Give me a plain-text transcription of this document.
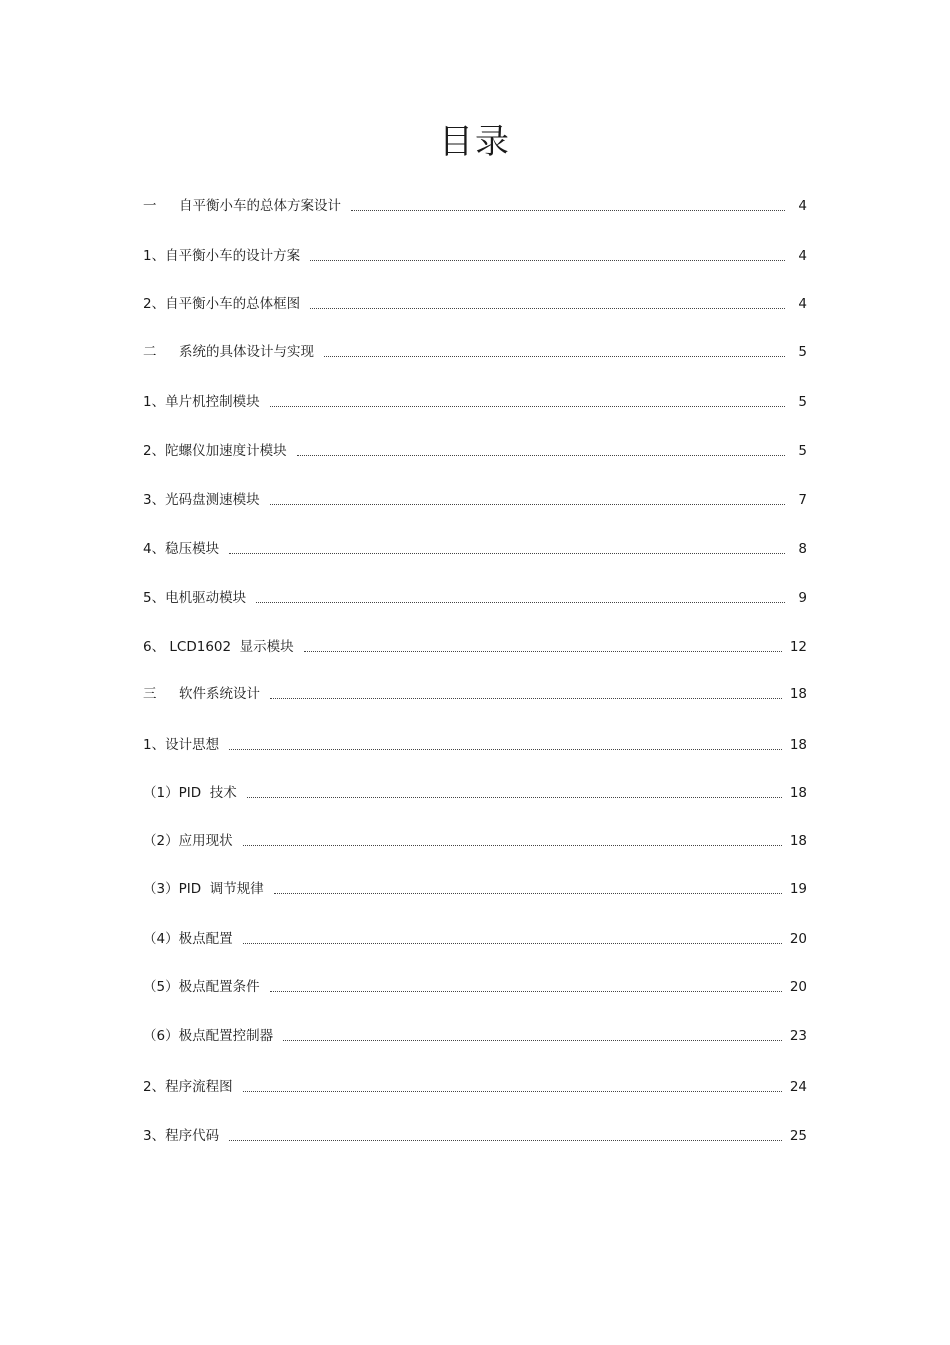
目录
一 自平衡小车的总体方案设计	4
1、自平衡小车的设计方案	4
2、自平衡小车的总体框图	4
二 系统的具体设计与实现	5
1、单片机控制模块	5
2、陀螺仪加速度计模块	5
3、光码盘测速模块	7
4、稳压模块	8
5、电机驱动模块	9
6、 LCD1602  显示模块	12
三 软件系统设计	18
1、设计思想	18
（1）PID  技术	18
（2）应用现状	18
（3）PID  调节规律	19
（4）极点配置	20
（5）极点配置条件	20
（6）极点配置控制器	23
2、程序流程图	24
3、程序代码	25
